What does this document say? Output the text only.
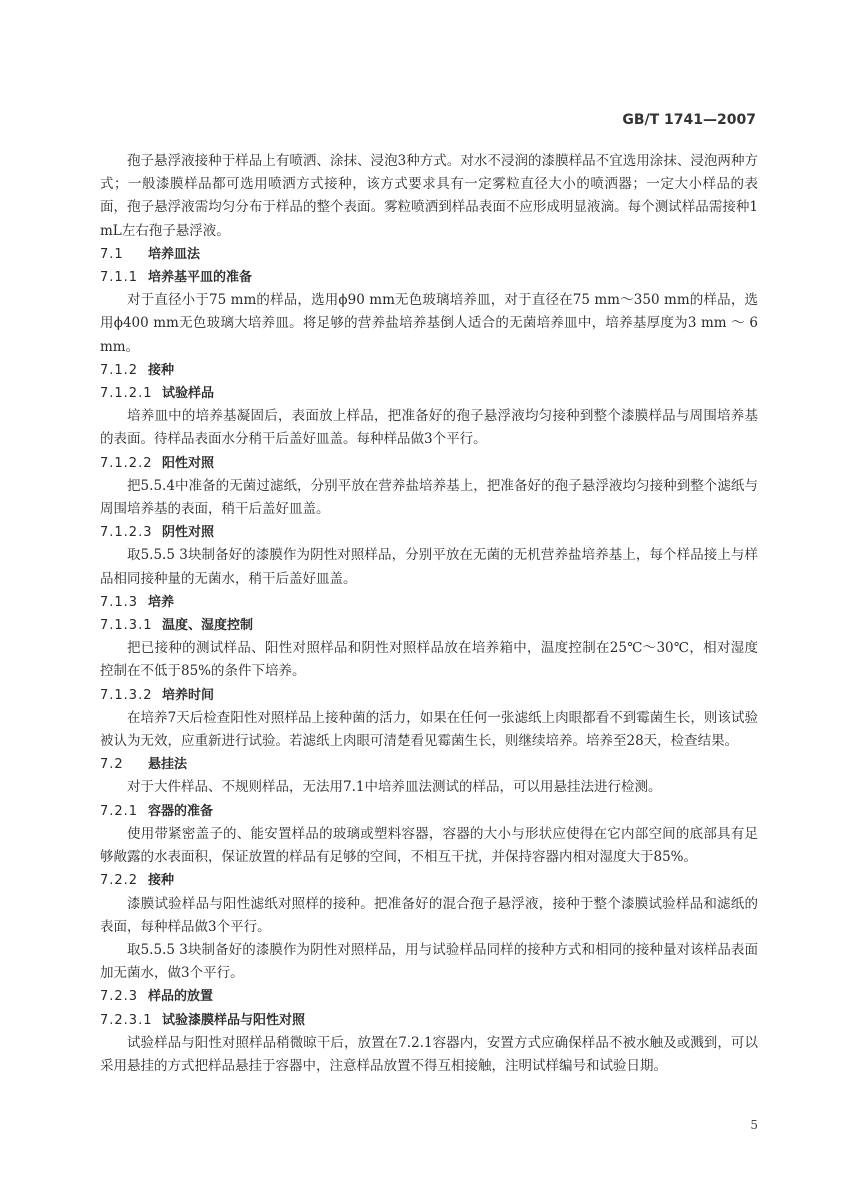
GB/T 1741—2007

孢子悬浮液接种于样品上有喷洒、涂抹、浸泡3种方式。对水不浸润的漆膜样品不宜选用涂抹、浸泡两种方式；一般漆膜样品都可选用喷洒方式接种，该方式要求具有一定雾粒直径大小的喷洒器；一定大小样品的表面，孢子悬浮液需均匀分布于样品的整个表面。雾粒喷洒到样品表面不应形成明显液滴。每个测试样品需接种1 mL左右孢子悬浮液。

7.1 培养皿法
7.1.1 培养基平皿的准备

对于直径小于75 mm的样品，选用ϕ90 mm无色玻璃培养皿，对于直径在75 mm～350 mm的样品，选用ϕ400 mm无色玻璃大培养皿。将足够的营养盐培养基倒人适合的无菌培养皿中，培养基厚度为3 mm ～ 6 mm。

7.1.2 接种
7.1.2.1 试验样品

培养皿中的培养基凝固后，表面放上样品，把准备好的孢子悬浮液均匀接种到整个漆膜样品与周围培养基的表面。待样品表面水分稍干后盖好皿盖。每种样品做3个平行。

7.1.2.2 阳性对照

把5.5.4中准备的无菌过滤纸，分别平放在营养盐培养基上，把准备好的孢子悬浮液均匀接种到整个滤纸与周围培养基的表面，稍干后盖好皿盖。

7.1.2.3 阴性对照

取5.5.5 3块制备好的漆膜作为阴性对照样品，分别平放在无菌的无机营养盐培养基上，每个样品接上与样品相同接种量的无菌水，稍干后盖好皿盖。

7.1.3 培养
7.1.3.1 温度、湿度控制

把已接种的测试样品、阳性对照样品和阴性对照样品放在培养箱中，温度控制在25℃～30℃，相对湿度控制在不低于85%的条件下培养。

7.1.3.2 培养时间

在培养7天后检查阳性对照样品上接种菌的活力，如果在任何一张滤纸上肉眼都看不到霉菌生长，则该试验被认为无效，应重新进行试验。若滤纸上肉眼可清楚看见霉菌生长，则继续培养。培养至28天，检查结果。

7.2 悬挂法

对于大件样品、不规则样品，无法用7.1中培养皿法测试的样品，可以用悬挂法进行检测。

7.2.1 容器的准备

使用带紧密盖子的、能安置样品的玻璃或塑料容器，容器的大小与形状应使得在它内部空间的底部具有足够敞露的水表面积，保证放置的样品有足够的空间，不相互干扰，并保持容器内相对湿度大于85%。

7.2.2 接种

漆膜试验样品与阳性滤纸对照样的接种。把准备好的混合孢子悬浮液，接种于整个漆膜试验样品和滤纸的表面，每种样品做3个平行。

取5.5.5 3块制备好的漆膜作为阴性对照样品，用与试验样品同样的接种方式和相同的接种量对该样品表面加无菌水，做3个平行。

7.2.3 样品的放置
7.2.3.1 试验漆膜样品与阳性对照

试验样品与阳性对照样品稍微晾干后，放置在7.2.1容器内，安置方式应确保样品不被水触及或溅到，可以采用悬挂的方式把样品悬挂于容器中，注意样品放置不得互相接触，注明试样编号和试验日期。

5
